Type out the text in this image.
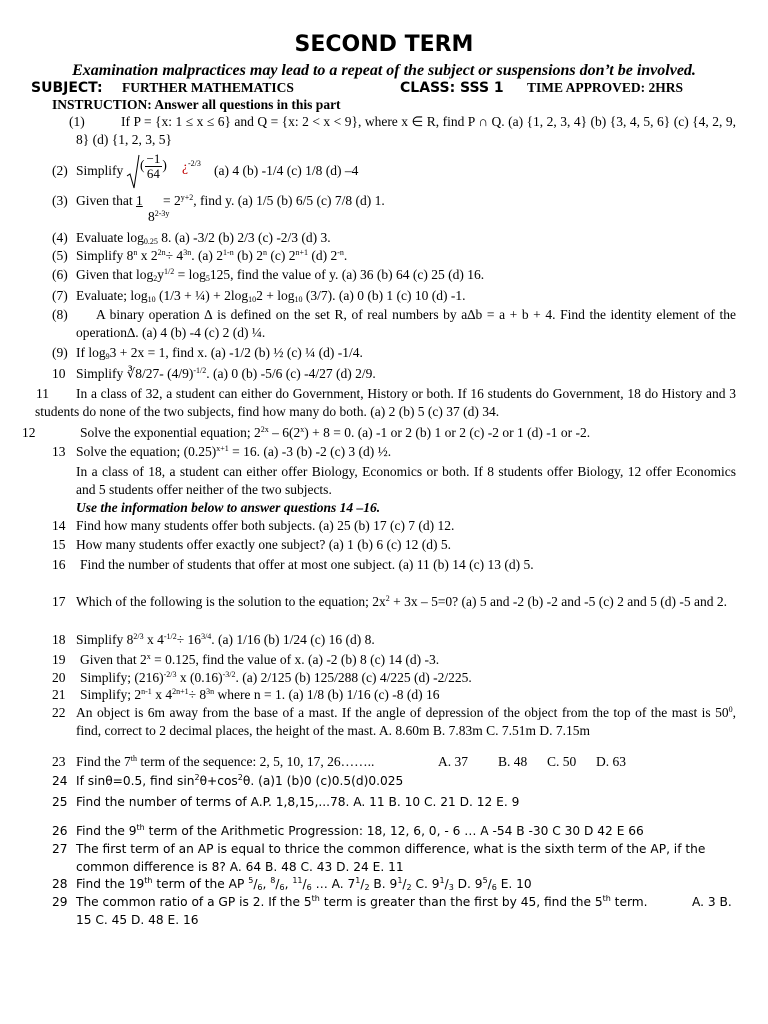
SECOND TERM
Examination malpractices may lead to a repeat of the subject or suspensions don’t be involved.
SUBJECT: FURTHER MATHEMATICS	CLASS: SSS 1 TIME APPROVED: 2HRS
INSTRUCTION: Answer all questions in this part
(1)	If P = {x: 1 ≤ x ≤ 6} and Q = {x: 2 < x < 9}, where x ∈ R, find P ∩ Q. (a) {1, 2, 3, 4} (b) {3, 4, 5, 6} (c) {4, 2, 9, 8} (d) {1, 2, 3, 5}
(2) Simplify ( $\frac{-1}{64}$ ) ¿$^{-2/3}$ (a) 4 (b) -1/4 (c) 1/8 (d) –4
(3) Given that $1 = 2^{y+2}$, find y. (a) 1/5 (b) 6/5 (c) 7/8 (d) 1.
$8^{2-3y}$
(4) Evaluate $\log_{0.25} 8$. (a) -3/2 (b) 2/3 (c) -2/3 (d) 3.
(5) Simplify 8$^n$ x $2^{2n}\div 4^{3n}$. (a) 2$^{1-n}$ (b) 2$^n$ (c) $2^{n+1}$ (d) $2^{-n}$.
(6) Given that $\log_2y^{1/2} = \log_5125$, find the value of y. (a) 36 (b) 64 (c) 25 (d) 16.
(7) Evaluate; $\log_{10} (1/3$ + ¼) + $2\log_{10}2 + \log_{10} (3/7)$. (a) 0 (b) 1 (c) 10 (d) -1.
(8)	A binary operation ∆ is defined on the set R, of real numbers by a∆b = a + b + 4. Find the identity element of the operation∆. (a) 4 (b) -4 (c) 2 (d) ¼.
(9) If $\log_93 + 2x = 1$, find x. (a) -1/2 (b) ½ (c) ¼ (d) -1/4.
10 Simplify ∛8/27- $(4/9)^{-1/2}$. (a) 0 (b) -5/6 (c) -4/27 (d) 2/9.
11	In a class of 32, a student can either do Government, History or both. If 16 students do Government, 18 do History and 3 students do none of the two subjects, find how many do both. (a) 2 (b) 5 (c) 37 (d) 34.
12	Solve the exponential equation; $2^{2x} - 6(2^x) + 8 = 0$. (a) -1 or 2 (b) 1 or 2 (c) -2 or 1 (d) -1 or -2.
13 Solve the equation; $(0.25)^{x+1} = 16$. (a) -3 (b) -2 (c) 3 (d) ½.
In a class of 18, a student can either offer Biology, Economics or both. If 8 students offer Biology, 12 offer Economics and 5 students offer neither of the two subjects.
Use the information below to answer questions 14 –16.
14 Find how many students offer both subjects. (a) 25 (b) 17 (c) 7 (d) 12.
15 How many students offer exactly one subject? (a) 1 (b) 6 (c) 12 (d) 5.
16 Find the number of students that offer at most one subject. (a) 11 (b) 14 (c) 13 (d) 5.
17 Which of the following is the solution to the equation; $2x^2 + 3x - 5=0$? (a) 5 and -2 (b) -2 and -5 (c) 2 and 5 (d) -5 and 2.
18 Simplify $8^{2/3}$ x $4^{-1/2}\div 16^{3/4}$. (a) 1/16 (b) 1/24 (c) 16 (d) 8.
19 Given that $2^x = 0.125$, find the value of x. (a) -2 (b) 8 (c) 14 (d) -3.
20 Simplify; $(216)^{-2/3}$ x $(0.16)^{-3/2}$. (a) 2/125 (b) 125/288 (c) 4/225 (d) -2/225.
21 Simplify; 2$^{n-1}$ x $4^{2n+1}\div 8^{3n}$ where n = 1. (a) 1/8 (b) 1/16 (c) -8 (d) 16
22 An object is 6m away from the base of a mast. If the angle of depression of the object from the top of the mast is $50^0$, find, correct to 2 decimal places, the height of the mast. A. 8.60m B. 7.83m C. 7.51m D. 7.15m
23 Find the 7th term of the sequence: 2, 5, 10, 17, 26……..	A. 37 B. 48 C. 50 D. 63
24 If sinθ=0.5, find $\sin^2\theta+\cos^2\theta$. (a)1 (b)0 (c)0.5(d)0.025
25 Find the number of terms of A.P. 1,8,15,...78. A. 11 B. 10 C. 21 D. 12 E. 9
26 Find the 9th term of the Arithmetic Progression: 18, 12, 6, 0, - 6 … A -54 B -30 C 30 D 42 E 66
27 The first term of an AP is equal to thrice the common difference, what is the sixth term of the AP, if the common difference is 8? A. 64 B. 48 C. 43 D. 24 E. 11
28 Find the 19th term of the AP $^5/_6$, $^8/_6$, $^{11}/_6$ … A. $7^1/_2$ B. $9^1/_2$ C. $9^1/_3$ D. $9^5/_6$ E. 10
29 The common ratio of a GP is 2. If the 5th term is greater than the first by 45, find the 5th term.	A. 3 B. 15 C. 45 D. 48 E. 16
